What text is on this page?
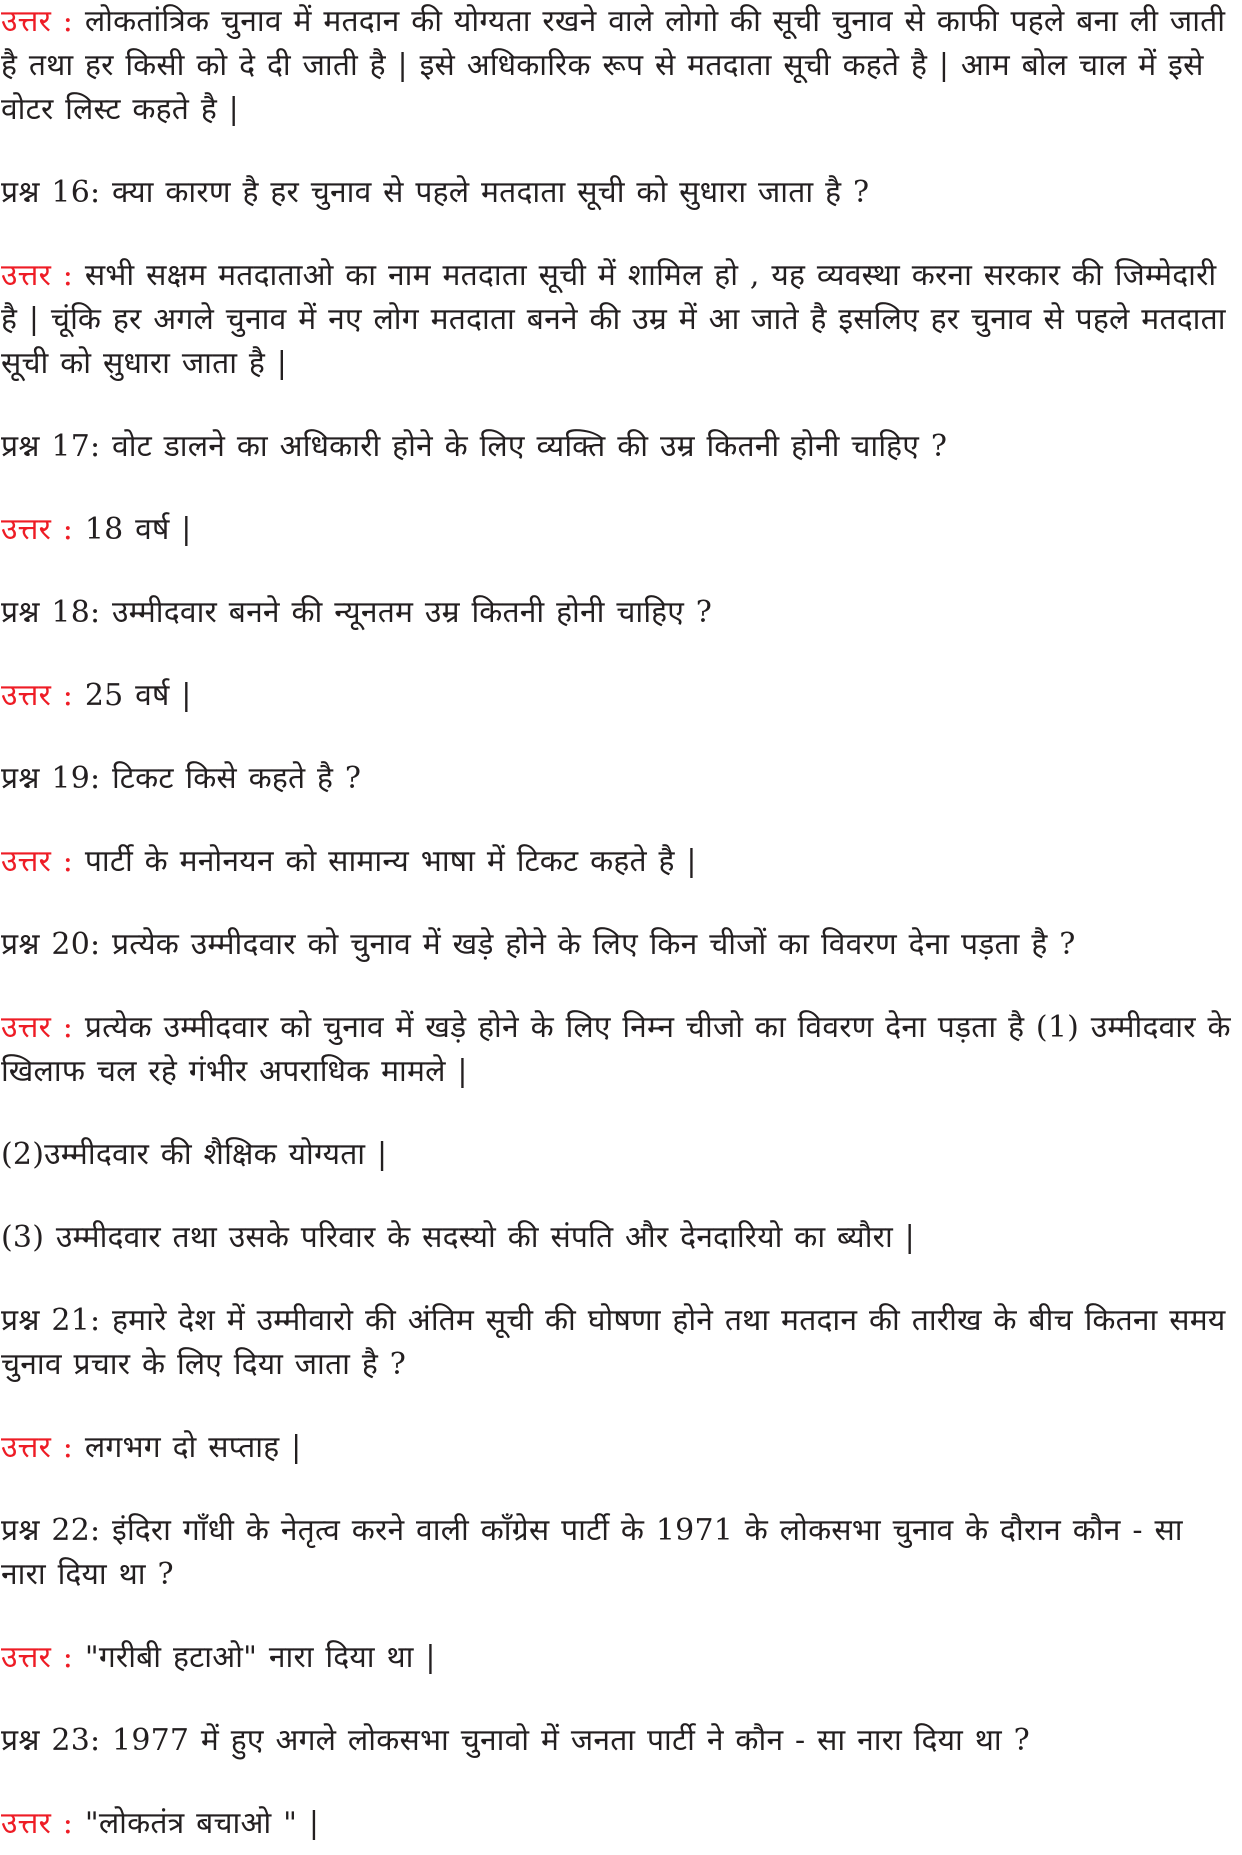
उत्तर : लोकतांत्रिक चुनाव में मतदान की योग्यता रखने वाले लोगो की सूची चुनाव से काफी पहले बना ली जाती है तथा हर किसी को दे दी जाती है | इसे अधिकारिक रूप से मतदाता सूची कहते है | आम बोल चाल में इसे वोटर लिस्ट कहते है |

प्रश्न 16: क्या कारण है हर चुनाव से पहले मतदाता सूची को सुधारा जाता है ?

उत्तर : सभी सक्षम मतदाताओ का नाम मतदाता सूची में शामिल हो , यह व्यवस्था करना सरकार की जिम्मेदारी है | चूंकि हर अगले चुनाव में नए लोग मतदाता बनने की उम्र में आ जाते है इसलिए हर चुनाव से पहले मतदाता सूची को सुधारा जाता है |

प्रश्न 17: वोट डालने का अधिकारी होने के लिए व्यक्ति की उम्र कितनी होनी चाहिए ?

उत्तर : 18 वर्ष |

प्रश्न 18: उम्मीदवार बनने की न्यूनतम उम्र कितनी होनी चाहिए ?

उत्तर : 25 वर्ष |

प्रश्न 19: टिकट किसे कहते है ?

उत्तर : पार्टी के मनोनयन को सामान्य भाषा में टिकट कहते है |

प्रश्न 20: प्रत्येक उम्मीदवार को चुनाव में खड़े होने के लिए किन चीजों का विवरण देना पड़ता है ?

उत्तर : प्रत्येक उम्मीदवार को चुनाव में खड़े होने के लिए निम्न चीजो का विवरण देना पड़ता है (1) उम्मीदवार के खिलाफ चल रहे गंभीर अपराधिक मामले |

(2)उम्मीदवार की शैक्षिक योग्यता |

(3) उम्मीदवार तथा उसके परिवार के सदस्यो की संपति और देनदारियो का ब्यौरा |

प्रश्न 21: हमारे देश में उम्मीवारो की अंतिम सूची की घोषणा होने तथा मतदान की तारीख के बीच कितना समय चुनाव प्रचार के लिए दिया जाता है ?

उत्तर : लगभग दो सप्ताह |

प्रश्न 22: इंदिरा गाँधी के नेतृत्व करने वाली काँग्रेस पार्टी के 1971 के लोकसभा चुनाव के दौरान कौन - सा नारा दिया था ?

उत्तर : "गरीबी हटाओ" नारा दिया था |

प्रश्न 23: 1977 में हुए अगले लोकसभा चुनावो में जनता पार्टी ने कौन - सा नारा दिया था ?

उत्तर : "लोकतंत्र बचाओ " |
